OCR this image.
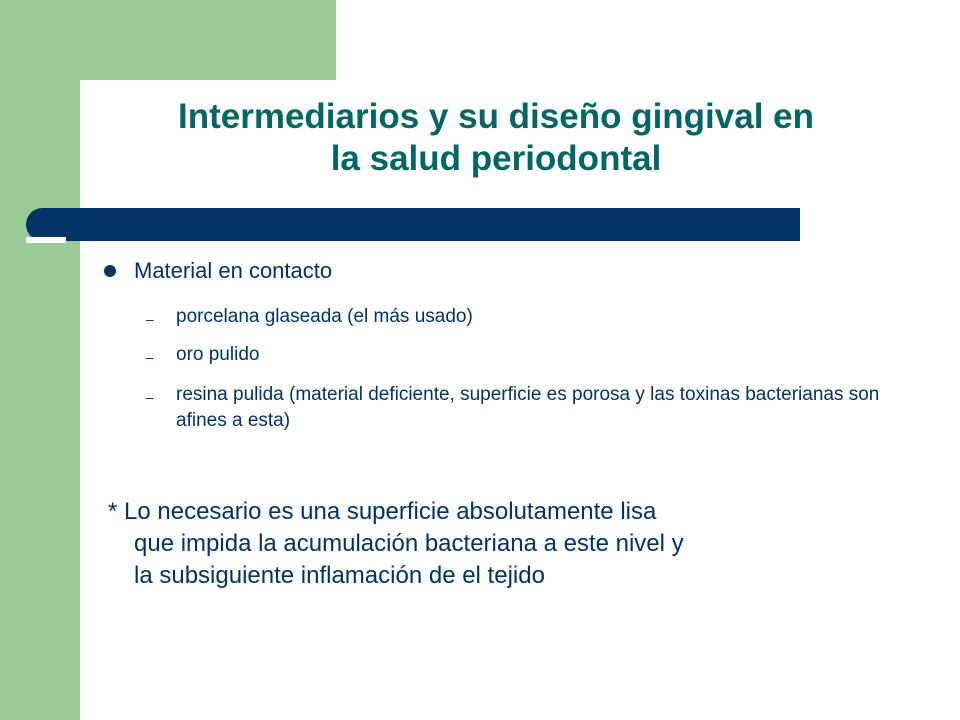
Intermediarios y su diseño gingival en
la salud periodontal
Material en contacto
–	porcelana glaseada (el más usado)
–	oro pulido
–	resina pulida (material deficiente, superficie es porosa y las toxinas bacterianas son afines a esta)
* Lo necesario es una superficie absolutamente lisa
que impida la acumulación bacteriana a este nivel y
la subsiguiente inflamación de el tejido
